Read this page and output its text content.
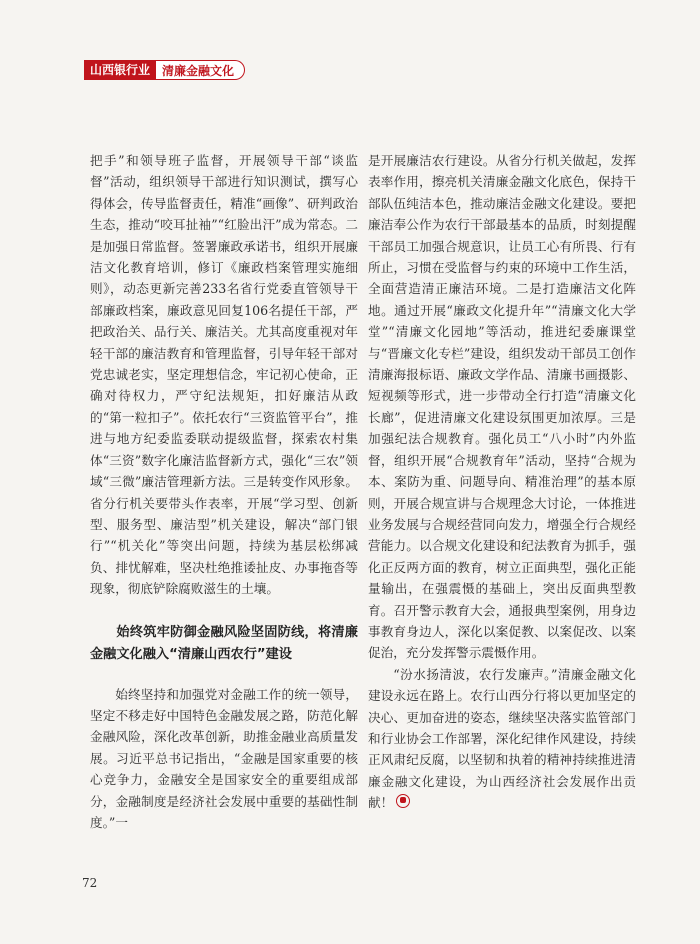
山西银行业	清廉金融文化

把手”和领导班子监督，开展领导干部“谈监督”活动，组织领导干部进行知识测试，撰写心得体会，传导监督责任，精准“画像”、研判政治生态，推动“咬耳扯袖”“红脸出汗”成为常态。二是加强日常监督。签署廉政承诺书，组织开展廉洁文化教育培训，修订《廉政档案管理实施细则》，动态更新完善233名省行党委直管领导干部廉政档案，廉政意见回复106名提任干部，严把政治关、品行关、廉洁关。尤其高度重视对年轻干部的廉洁教育和管理监督，引导年轻干部对党忠诚老实，坚定理想信念，牢记初心使命，正确对待权力，严守纪法规矩，扣好廉洁从政的“第一粒扣子”。依托农行“三资监管平台”，推进与地方纪委监委联动提级监督，探索农村集体“三资”数字化廉洁监督新方式，强化“三农”领域“三微”廉洁管理新方法。三是转变作风形象。省分行机关要带头作表率，开展“学习型、创新型、服务型、廉洁型”机关建设，解决“部门银行”“机关化”等突出问题，持续为基层松绑减负、排忧解难，坚决杜绝推诿扯皮、办事拖沓等现象，彻底铲除腐败滋生的土壤。

始终筑牢防御金融风险坚固防线，将清廉金融文化融入“清廉山西农行”建设

始终坚持和加强党对金融工作的统一领导，坚定不移走好中国特色金融发展之路，防范化解金融风险，深化改革创新，助推金融业高质量发展。习近平总书记指出，“金融是国家重要的核心竞争力，金融安全是国家安全的重要组成部分，金融制度是经济社会发展中重要的基础性制度。”一

是开展廉洁农行建设。从省分行机关做起，发挥表率作用，擦亮机关清廉金融文化底色，保持干部队伍纯洁本色，推动廉洁金融文化建设。要把廉洁奉公作为农行干部最基本的品质，时刻提醒干部员工加强合规意识，让员工心有所畏、行有所止，习惯在受监督与约束的环境中工作生活，全面营造清正廉洁环境。二是打造廉洁文化阵地。通过开展“廉政文化提升年”“清廉文化大学堂”“清廉文化园地”等活动，推进纪委廉课堂与“晋廉文化专栏”建设，组织发动干部员工创作清廉海报标语、廉政文学作品、清廉书画摄影、短视频等形式，进一步带动全行打造“清廉文化长廊”，促进清廉文化建设氛围更加浓厚。三是加强纪法合规教育。强化员工“八小时”内外监督，组织开展“合规教育年”活动，坚持“合规为本、案防为重、问题导向、精准治理”的基本原则，开展合规宣讲与合规理念大讨论，一体推进业务发展与合规经营同向发力，增强全行合规经营能力。以合规文化建设和纪法教育为抓手，强化正反两方面的教育，树立正面典型，强化正能量输出，在强震慑的基础上，突出反面典型教育。召开警示教育大会，通报典型案例，用身边事教育身边人，深化以案促教、以案促改、以案促治，充分发挥警示震慑作用。

“汾水扬清波，农行发廉声。”清廉金融文化建设永远在路上。农行山西分行将以更加坚定的决心、更加奋进的姿态，继续坚决落实监管部门和行业协会工作部署，深化纪律作风建设，持续正风肃纪反腐，以坚韧和执着的精神持续推进清廉金融文化建设，为山西经济社会发展作出贡献！

72
